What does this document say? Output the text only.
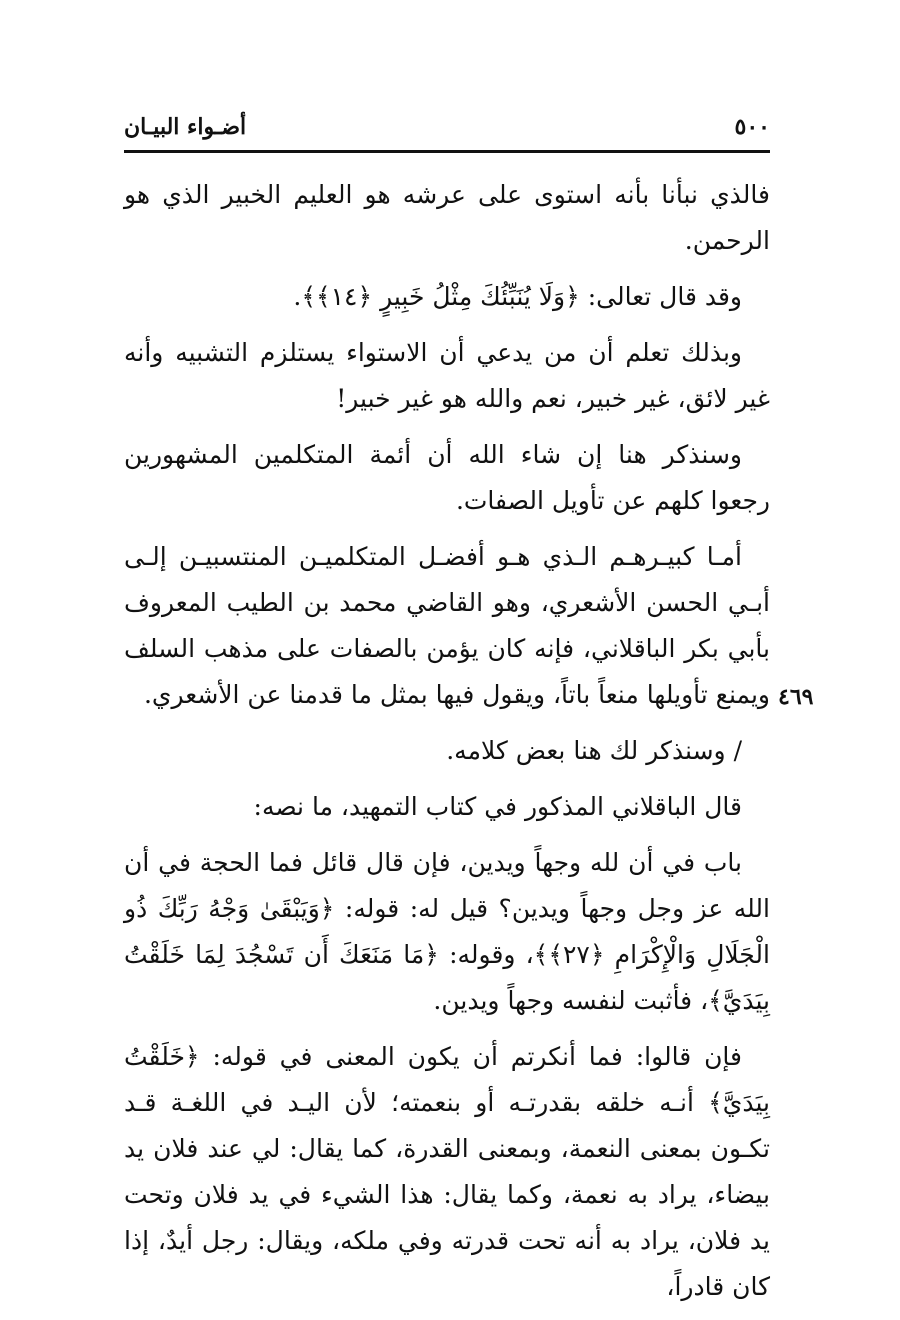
٥٠٠
أضـواء البيـان
٤٦٩

فالذي نبأنا بأنه استوى على عرشه هو العليم الخبير الذي هو الرحمن.

وقد قال تعالى: ﴿وَلَا يُنَبِّئُكَ مِثْلُ خَبِيرٍ ﴿١٤﴾﴾.

وبذلك تعلم أن من يدعي أن الاستواء يستلزم التشبيه وأنه غير لائق، غير خبير، نعم والله هو غير خبير!

وسنذكر هنا إن شاء الله أن أئمة المتكلمين المشهورين رجعوا كلهم عن تأويل الصفات.

أمـا كبيـرهـم الـذي هـو أفضـل المتكلميـن المنتسبيـن إلـى أبـي الحسن الأشعري، وهو القاضي محمد بن الطيب المعروف بأبي بكر الباقلاني، فإنه كان يؤمن بالصفات على مذهب السلف ويمنع تأويلها منعاً باتاً، ويقول فيها بمثل ما قدمنا عن الأشعري.

/ وسنذكر لك هنا بعض كلامه.

قال الباقلاني المذكور في كتاب التمهيد، ما نصه:

باب في أن لله وجهاً ويدين، فإن قال قائل فما الحجة في أن الله عز وجل وجهاً ويدين؟ قيل له: قوله: ﴿وَيَبْقَىٰ وَجْهُ رَبِّكَ ذُو الْجَلَالِ وَالْإِكْرَامِ ﴿٢٧﴾﴾، وقوله: ﴿مَا مَنَعَكَ أَن تَسْجُدَ لِمَا خَلَقْتُ بِيَدَيَّ﴾، فأثبت لنفسه وجهاً ويدين.

فإن قالوا: فما أنكرتم أن يكون المعنى في قوله: ﴿خَلَقْتُ بِيَدَيَّ﴾ أنـه خلقه بقدرتـه أو بنعمته؛ لأن اليـد في اللغـة قـد تكـون بمعنى النعمة، وبمعنى القدرة، كما يقال: لي عند فلان يد بيضاء، يراد به نعمة، وكما يقال: هذا الشيء في يد فلان وتحت يد فلان، يراد به أنه تحت قدرته وفي ملكه، ويقال: رجل أيدٌ، إذا كان قادراً،
